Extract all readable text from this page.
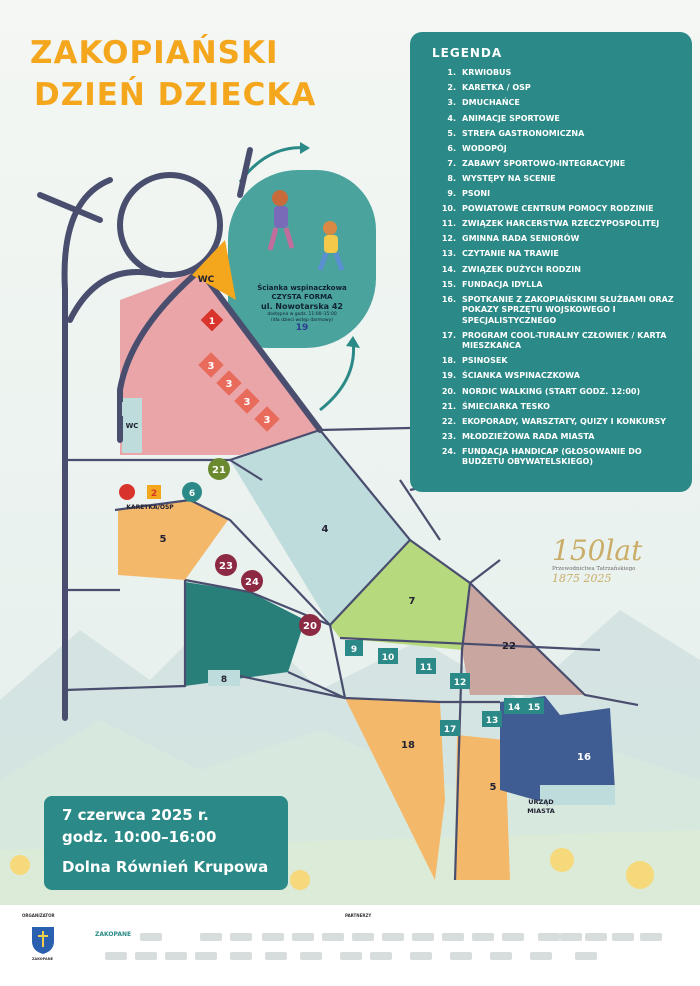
ZAKOPIAŃSKI
DZIEŃ DZIECKA
Ścianka wspinaczkowa
CZYSTA FORMA
ul. Nowotarska 42
dostępna w godz. 11:00–15:00
(dla dzieci wstęp darmowy)
19
WC
1
3
3
3
3
WC
21
6
2
KARETKA/OSP
5
4
23
24
7
20
22
9
10
11
12
8
13
14 15
17
18
16
5
URZĄD
MIASTA
150lat
Przewodnictwa Tatrzańskiego
1875 2025
LEGENDA
1. KRWIOBUS
2. KARETKA / OSP
3. DMUCHAŃCE
4. ANIMACJE SPORTOWE
5. STREFA GASTRONOMICZNA
6. WODOPÓJ
7. ZABAWY SPORTOWO-INTEGRACYJNE
8. WYSTĘPY NA SCENIE
9. PSONI
10. POWIATOWE CENTRUM POMOCY RODZINIE
11. ZWIĄZEK HARCERSTWA RZECZYPOSPOLITEJ
12. GMINNA RADA SENIORÓW
13. CZYTANIE NA TRAWIE
14. ZWIĄZEK DUŻYCH RODZIN
15. FUNDACJA IDYLLA
16. SPOTKANIE Z ZAKOPIAŃSKIMI SŁUŻBAMI ORAZ POKAZY SPRZĘTU WOJSKOWEGO I SPECJALISTYCZNEGO
17. PROGRAM COOL-TURALNY CZŁOWIEK / KARTA MIESZKAŃCA
18. PSINOSEK
19. ŚCIANKA WSPINACZKOWA
20. NORDIC WALKING (START GODZ. 12:00)
21. ŚMIECIARKA TESKO
22. EKOPORADY, WARSZTATY, QUIZY I KONKURSY
23. MŁODZIEŻOWA RADA MIASTA
24. FUNDACJA HANDICAP (GŁOSOWANIE DO BUDŻETU OBYWATELSKIEGO)
7 czerwca 2025 r.
godz. 10:00–16:00
Dolna Równień Krupowa
ORGANIZATOR	PARTNERZY
ZAKOPANE
ZAKOPANE
